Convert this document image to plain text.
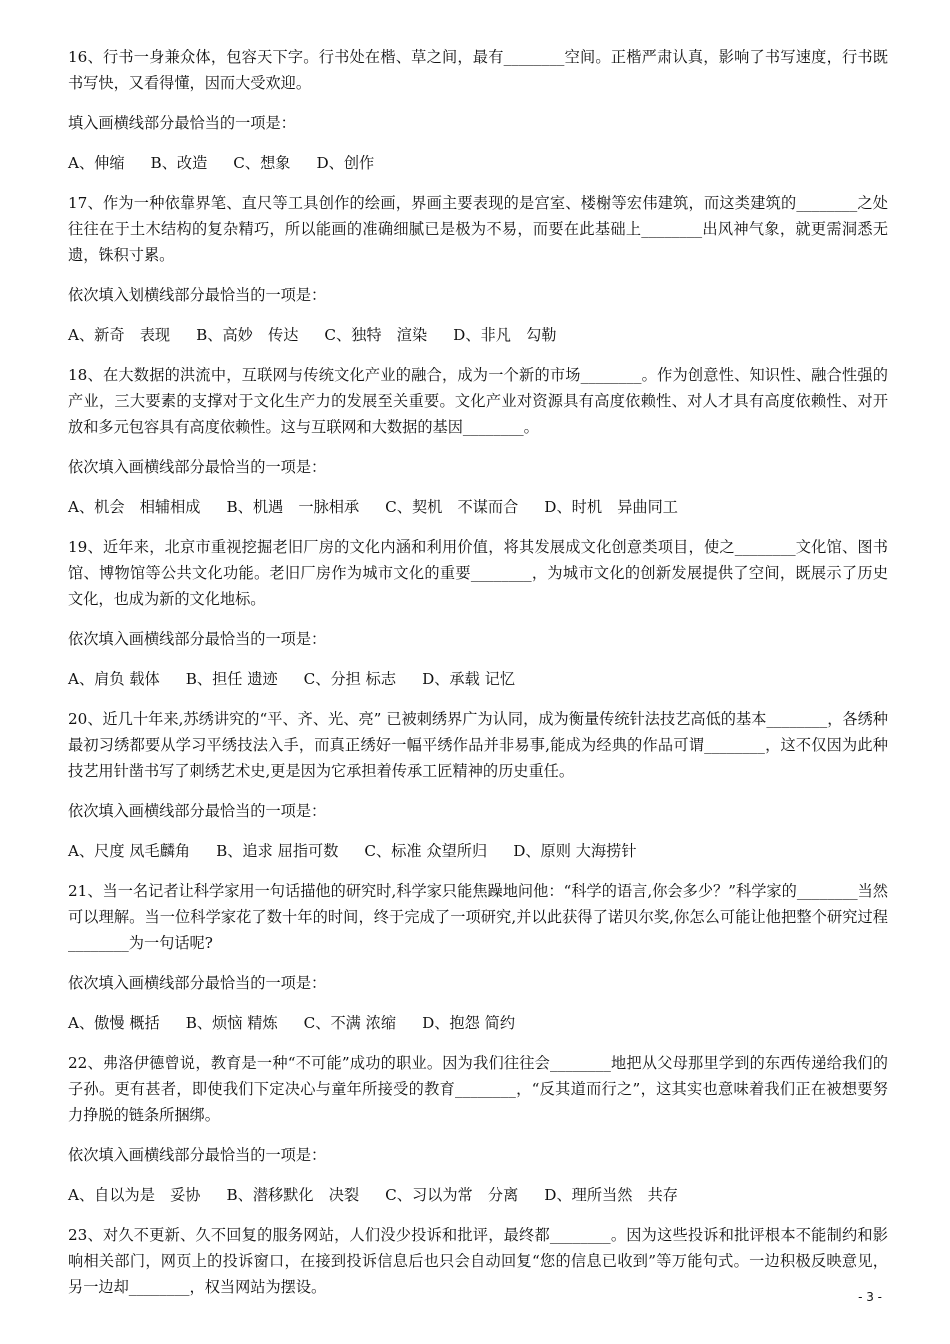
16、行书一身兼众体，包容天下字。行书处在楷、草之间，最有________空间。正楷严肃认真，影响了书写速度，行书既书写快，又看得懂，因而大受欢迎。

填入画横线部分最恰当的一项是：

A、伸缩 B、改造 C、想象 D、创作

17、作为一种依靠界笔、直尺等工具创作的绘画，界画主要表现的是宫室、楼榭等宏伟建筑，而这类建筑的________之处往往在于土木结构的复杂精巧，所以能画的准确细腻已是极为不易，而要在此基础上________出风神气象，就更需洞悉无遗，铢积寸累。

依次填入划横线部分最恰当的一项是：

A、新奇　表现 B、高妙　传达 C、独特　渲染 D、非凡　勾勒

18、在大数据的洪流中，互联网与传统文化产业的融合，成为一个新的市场________。作为创意性、知识性、融合性强的产业，三大要素的支撑对于文化生产力的发展至关重要。文化产业对资源具有高度依赖性、对人才具有高度依赖性、对开放和多元包容具有高度依赖性。这与互联网和大数据的基因________。

依次填入画横线部分最恰当的一项是：

A、机会　相辅相成 B、机遇　一脉相承 C、契机　不谋而合 D、时机　异曲同工

19、近年来，北京市重视挖掘老旧厂房的文化内涵和利用价值，将其发展成文化创意类项目，使之________文化馆、图书馆、博物馆等公共文化功能。老旧厂房作为城市文化的重要________，为城市文化的创新发展提供了空间，既展示了历史文化，也成为新的文化地标。

依次填入画横线部分最恰当的一项是：

A、肩负 载体 B、担任 遗迹 C、分担 标志 D、承载 记忆

20、近几十年来,苏绣讲究的“平、齐、光、亮” 已被刺绣界广为认同，成为衡量传统针法技艺高低的基本________，各绣种最初习绣都要从学习平绣技法入手，而真正绣好一幅平绣作品并非易事,能成为经典的作品可谓________，这不仅因为此种技艺用针凿书写了刺绣艺术史,更是因为它承担着传承工匠精神的历史重任。

依次填入画横线部分最恰当的一项是：

A、尺度 凤毛麟角 B、追求 屈指可数 C、标准 众望所归 D、原则 大海捞针

21、当一名记者让科学家用一句话描他的研究时,科学家只能焦躁地问他：“科学的语言,你会多少？”科学家的________当然可以理解。当一位科学家花了数十年的时间，终于完成了一项研究,并以此获得了诺贝尔奖,你怎么可能让他把整个研究过程________为一句话呢?

依次填入画横线部分最恰当的一项是：

A、傲慢 概括 B、烦恼 精炼 C、不满 浓缩 D、抱怨 简约

22、弗洛伊德曾说，教育是一种“不可能”成功的职业。因为我们往往会________地把从父母那里学到的东西传递给我们的子孙。更有甚者，即使我们下定决心与童年所接受的教育________，“反其道而行之”，这其实也意味着我们正在被想要努力挣脱的链条所捆绑。

依次填入画横线部分最恰当的一项是：

A、自以为是　妥协 B、潜移默化　决裂 C、习以为常　分离 D、理所当然　共存

23、对久不更新、久不回复的服务网站，人们没少投诉和批评，最终都________。因为这些投诉和批评根本不能制约和影响相关部门，网页上的投诉窗口，在接到投诉信息后也只会自动回复“您的信息已收到”等万能句式。一边积极反映意见，另一边却________，权当网站为摆设。

- 3 -
